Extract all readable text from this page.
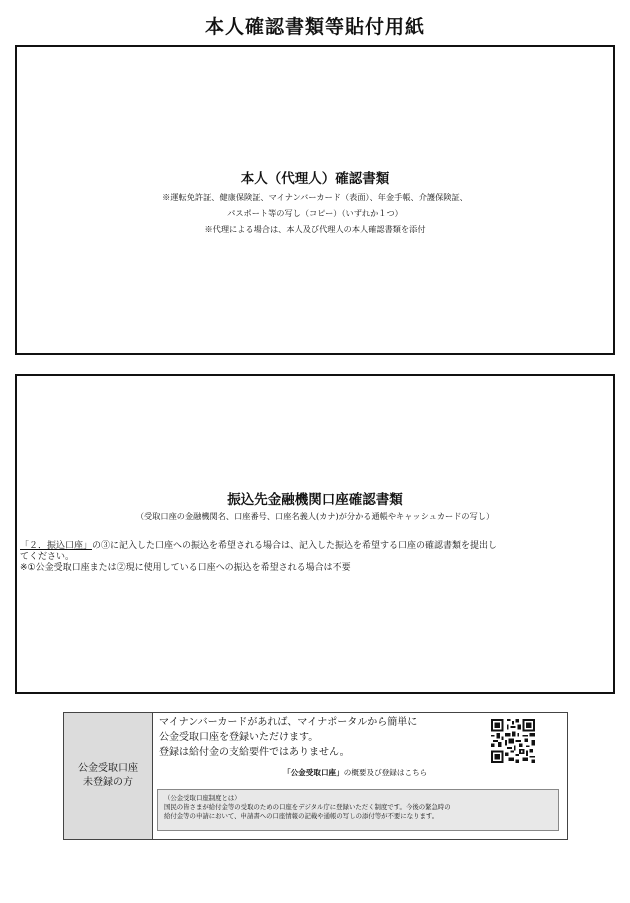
本人確認書類等貼付用紙
本人（代理人）確認書類
※運転免許証、健康保険証、マイナンバーカード（表面）、年金手帳、介護保険証、
パスポート等の写し（コピー）（いずれか１つ）
※代理による場合は、本人及び代理人の本人確認書類を添付
振込先金融機関口座確認書類
（受取口座の金融機関名、口座番号、口座名義人(カナ)が分かる通帳やキャッシュカードの写し）
「２．振込口座」の③に記入した口座への振込を希望される場合は、記入した振込を希望する口座の確認書類を提出し
てください。
※①公金受取口座または②現に使用している口座への振込を希望される場合は不要
公金受取口座
未登録の方
マイナンバーカードがあれば、マイナポータルから簡単に
公金受取口座を登録いただけます。
登録は給付金の支給要件ではありません。
「公金受取口座」の概要及び登録はこちら
（公金受取口座制度とは）
国民の皆さまが給付金等の受取のための口座をデジタル庁に登録いただく制度です。今後の緊急時の
給付金等の申請において、申請書への口座情報の記載や通帳の写しの添付等が不要になります。
